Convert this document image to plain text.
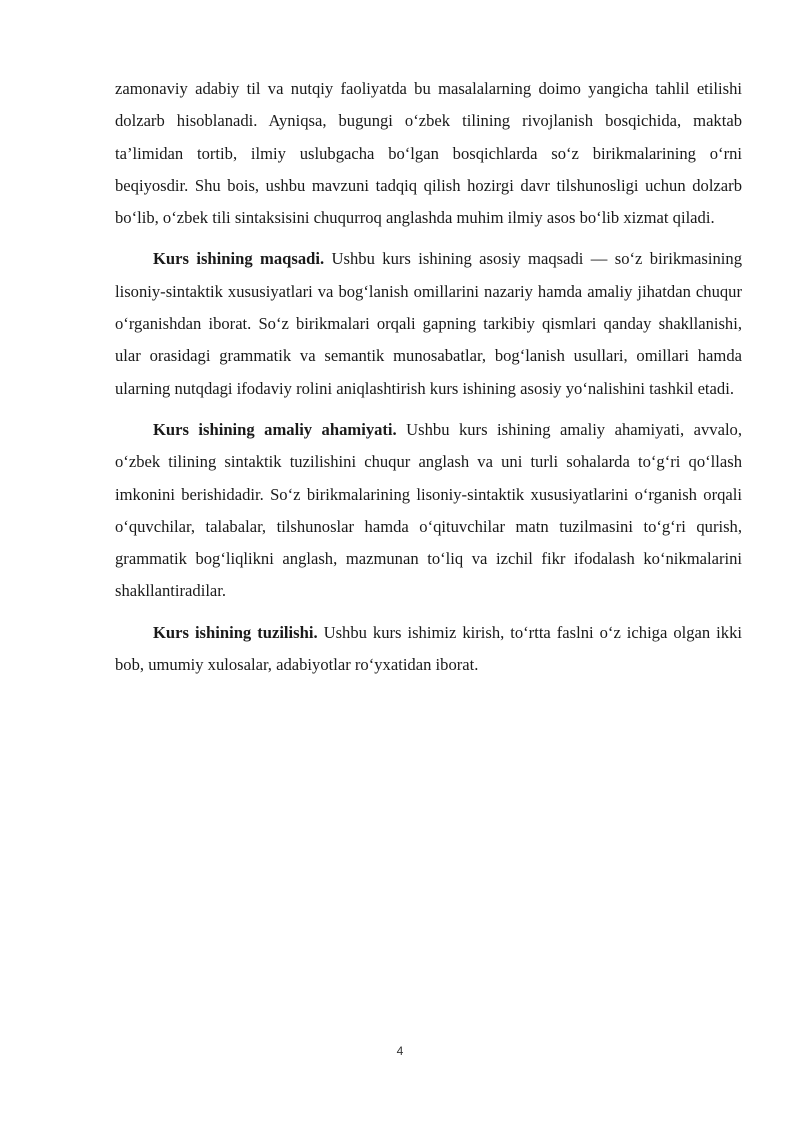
zamonaviy adabiy til va nutqiy faoliyatda bu masalalarning doimo yangicha tahlil etilishi dolzarb hisoblanadi. Ayniqsa, bugungi o‘zbek tilining rivojlanish bosqichida, maktab ta’limidan tortib, ilmiy uslubgacha bo‘lgan bosqichlarda so‘z birikmalarining o‘rni beqiyosdir. Shu bois, ushbu mavzuni tadqiq qilish hozirgi davr tilshunosligi uchun dolzarb bo‘lib, o‘zbek tili sintaksisini chuqurroq anglashda muhim ilmiy asos bo‘lib xizmat qiladi.

Kurs ishining maqsadi. Ushbu kurs ishining asosiy maqsadi — so‘z birikmasining lisoniy-sintaktik xususiyatlari va bog‘lanish omillarini nazariy hamda amaliy jihatdan chuqur o‘rganishdan iborat. So‘z birikmalari orqali gapning tarkibiy qismlari qanday shakllanishi, ular orasidagi grammatik va semantik munosabatlar, bog‘lanish usullari, omillari hamda ularning nutqdagi ifodaviy rolini aniqlashtirish kurs ishining asosiy yo‘nalishini tashkil etadi.

Kurs ishining amaliy ahamiyati. Ushbu kurs ishining amaliy ahamiyati, avvalo, o‘zbek tilining sintaktik tuzilishini chuqur anglash va uni turli sohalarda to‘g‘ri qo‘llash imkonini berishidadir. So‘z birikmalarining lisoniy-sintaktik xususiyatlarini o‘rganish orqali o‘quvchilar, talabalar, tilshunoslar hamda o‘qituvchilar matn tuzilmasini to‘g‘ri qurish, grammatik bog‘liqlikni anglash, mazmunan to‘liq va izchil fikr ifodalash ko‘nikmalarini shakllantiradilar.

Kurs ishining tuzilishi. Ushbu kurs ishimiz kirish, to‘rtta faslni o‘z ichiga olgan ikki bob, umumiy xulosalar, adabiyotlar ro‘yxatidan iborat.

4
